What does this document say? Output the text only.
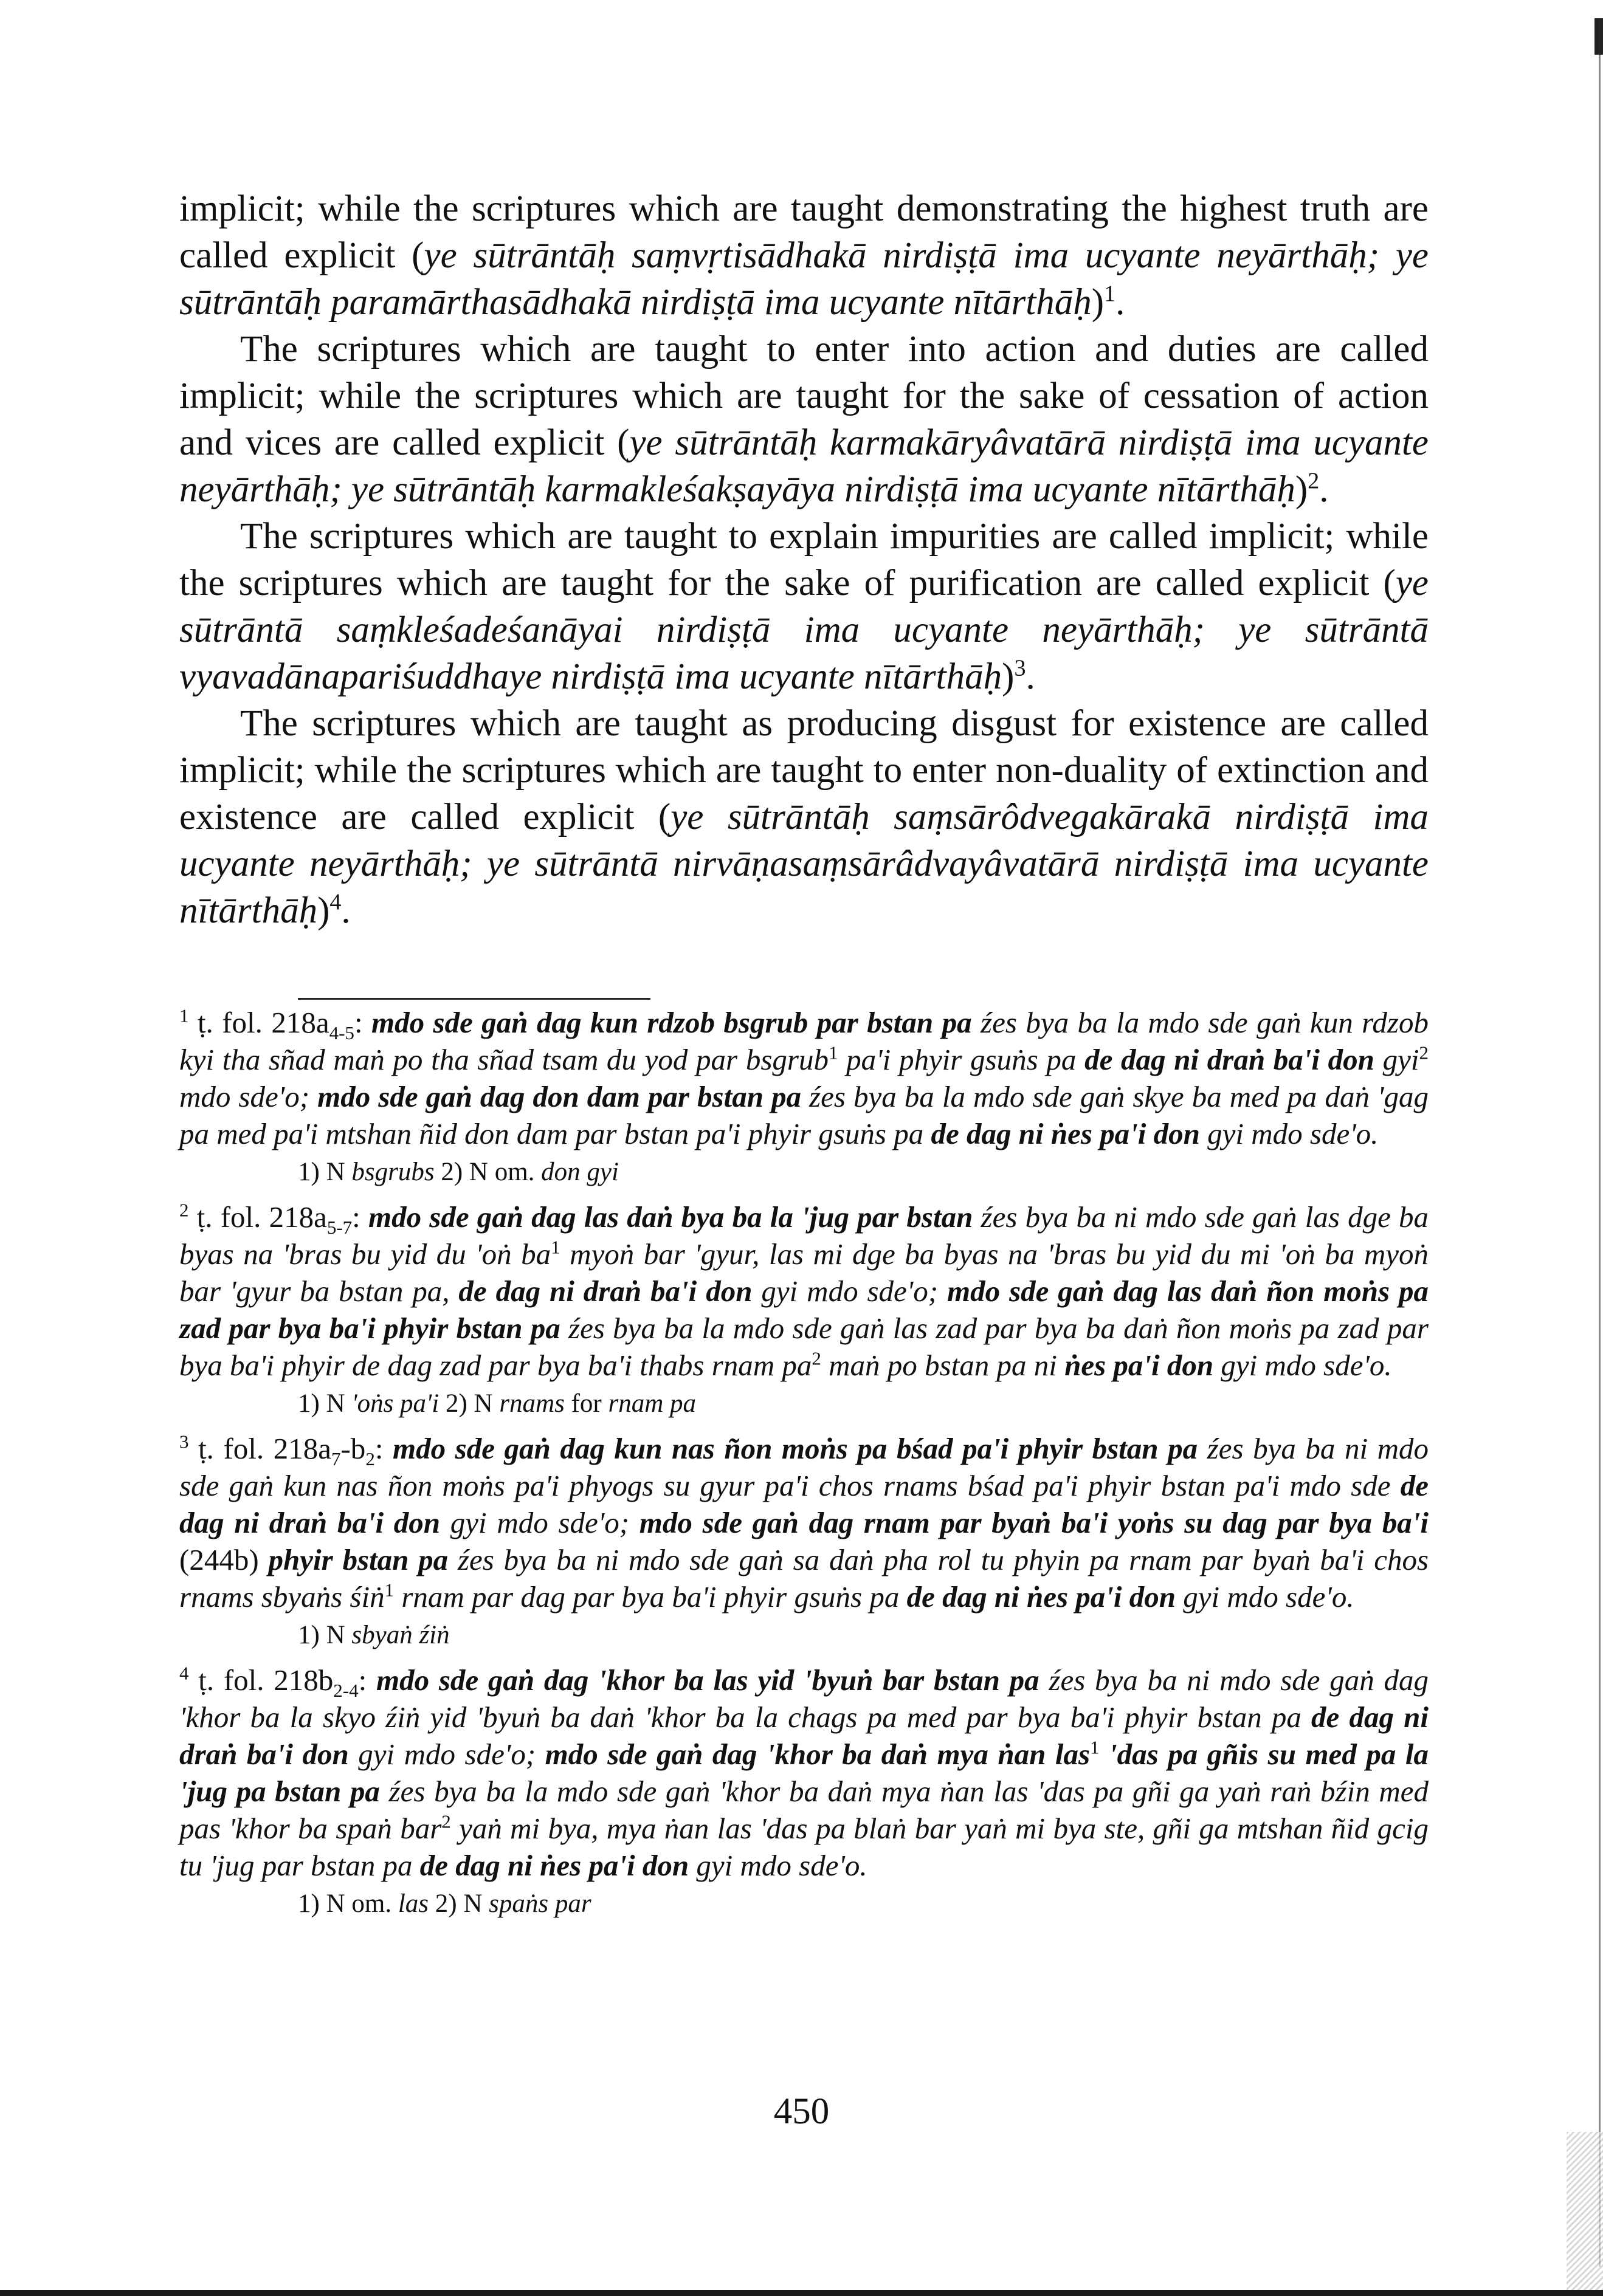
implicit; while the scriptures which are taught demonstrating the highest truth are called explicit (ye sūtrāntāḥ saṃvṛtisādhakā nirdiṣṭā ima ucyante neyārthāḥ; ye sūtrāntāḥ paramārthasādhakā nirdiṣṭā ima ucyante nītārthāḥ)$^1$.

The scriptures which are taught to enter into action and duties are called implicit; while the scriptures which are taught for the sake of cessation of action and vices are called explicit (ye sūtrāntāḥ karmakāryâvatārā nirdiṣṭā ima ucyante neyārthāḥ; ye sūtrāntāḥ karmakleśakṣayāya nirdiṣṭā ima ucyante nītārthāḥ)$^2$.

The scriptures which are taught to explain impurities are called implicit; while the scriptures which are taught for the sake of purification are called explicit (ye sūtrāntā saṃkleśadeśanāyai nirdiṣṭā ima ucyante neyārthāḥ; ye sūtrāntā vyavadānapariśuddhaye nirdiṣṭā ima ucyante nītārthāḥ)$^3$.

The scriptures which are taught as producing disgust for existence are called implicit; while the scriptures which are taught to enter non-duality of extinction and existence are called explicit (ye sūtrāntāḥ saṃsārôdvegakārakā nirdiṣṭā ima ucyante neyārthāḥ; ye sūtrāntā nirvāṇasaṃsārâdvayâvatārā nirdiṣṭā ima ucyante nītārthāḥ)$^4$.

$^1$ ṭ. fol. $218a_{4-5}$: mdo sde gaṅ dag kun rdzob bsgrub par bstan pa źes bya ba la mdo sde gaṅ kun rdzob kyi tha sñad maṅ po tha sñad tsam du yod par bsgrub$^1$ pa'i phyir gsuṅs pa de dag ni draṅ ba'i don gyi$^2$ mdo sde'o; mdo sde gaṅ dag don dam par bstan pa źes bya ba la mdo sde gaṅ skye ba med pa daṅ 'gag pa med pa'i mtshan ñid don dam par bstan pa'i phyir gsuṅs pa de dag ni ṅes pa'i don gyi mdo sde'o.

1) N bsgrubs 2) N om. don gyi

$^2$ ṭ. fol. $218a_{5-7}$: mdo sde gaṅ dag las daṅ bya ba la 'jug par bstan źes bya ba ni mdo sde gaṅ las dge ba byas na 'bras bu yid du 'oṅ $ba^1$ myoṅ bar 'gyur, las mi dge ba byas na 'bras bu yid du mi 'oṅ ba myoṅ bar 'gyur ba bstan pa, de dag ni draṅ ba'i don gyi mdo sde'o; mdo sde gaṅ dag las daṅ ñon moṅs pa zad par bya ba'i phyir bstan pa źes bya ba la mdo sde gaṅ las zad par bya ba daṅ ñon moṅs pa zad par bya ba'i phyir de dag zad par bya ba'i thabs rnam $pa^2$ maṅ po bstan pa ni ṅes pa'i don gyi mdo sde'o.

1) N 'oṅs pa'i 2) N rnams for rnam pa

$^3$ ṭ. fol. $218a_7-b_2$: mdo sde gaṅ dag kun nas ñon moṅs pa bśad pa'i phyir bstan pa źes bya ba ni mdo sde gaṅ kun nas ñon moṅs pa'i phyogs su gyur pa'i chos rnams bśad pa'i phyir bstan pa'i mdo sde de dag ni draṅ ba'i don gyi mdo sde'o; mdo sde gaṅ dag rnam par byaṅ ba'i yoṅs su dag par bya ba'i (244b) phyir bstan pa źes bya ba ni mdo sde gaṅ sa daṅ pha rol tu phyin pa rnam par byaṅ ba'i chos rnams sbyaṅs śiṅ$^1$ rnam par dag par bya ba'i phyir gsuṅs pa de dag ni ṅes pa'i don gyi mdo sde'o.

1) N sbyaṅ źiṅ

$^4$ ṭ. fol. $218b_{2-4}$: mdo sde gaṅ dag 'khor ba las yid 'byuṅ bar bstan pa źes bya ba ni mdo sde gaṅ dag 'khor ba la skyo źiṅ yid 'byuṅ ba daṅ 'khor ba la chags pa med par bya ba'i phyir bstan pa de dag ni draṅ ba'i don gyi mdo sde'o; mdo sde gaṅ dag 'khor ba daṅ mya ṅan las$^1$ 'das pa gñis su med pa la 'jug pa bstan pa źes bya ba la mdo sde gaṅ 'khor ba daṅ mya ṅan las 'das pa gñi ga yaṅ raṅ bźin med pas 'khor ba spaṅ bar$^2$ yaṅ mi bya, mya ṅan las 'das pa blaṅ bar yaṅ mi bya ste, gñi ga mtshan ñid gcig tu 'jug par bstan pa de dag ni ṅes pa'i don gyi mdo sde'o.

1) N om. las 2) N spaṅs par
450
